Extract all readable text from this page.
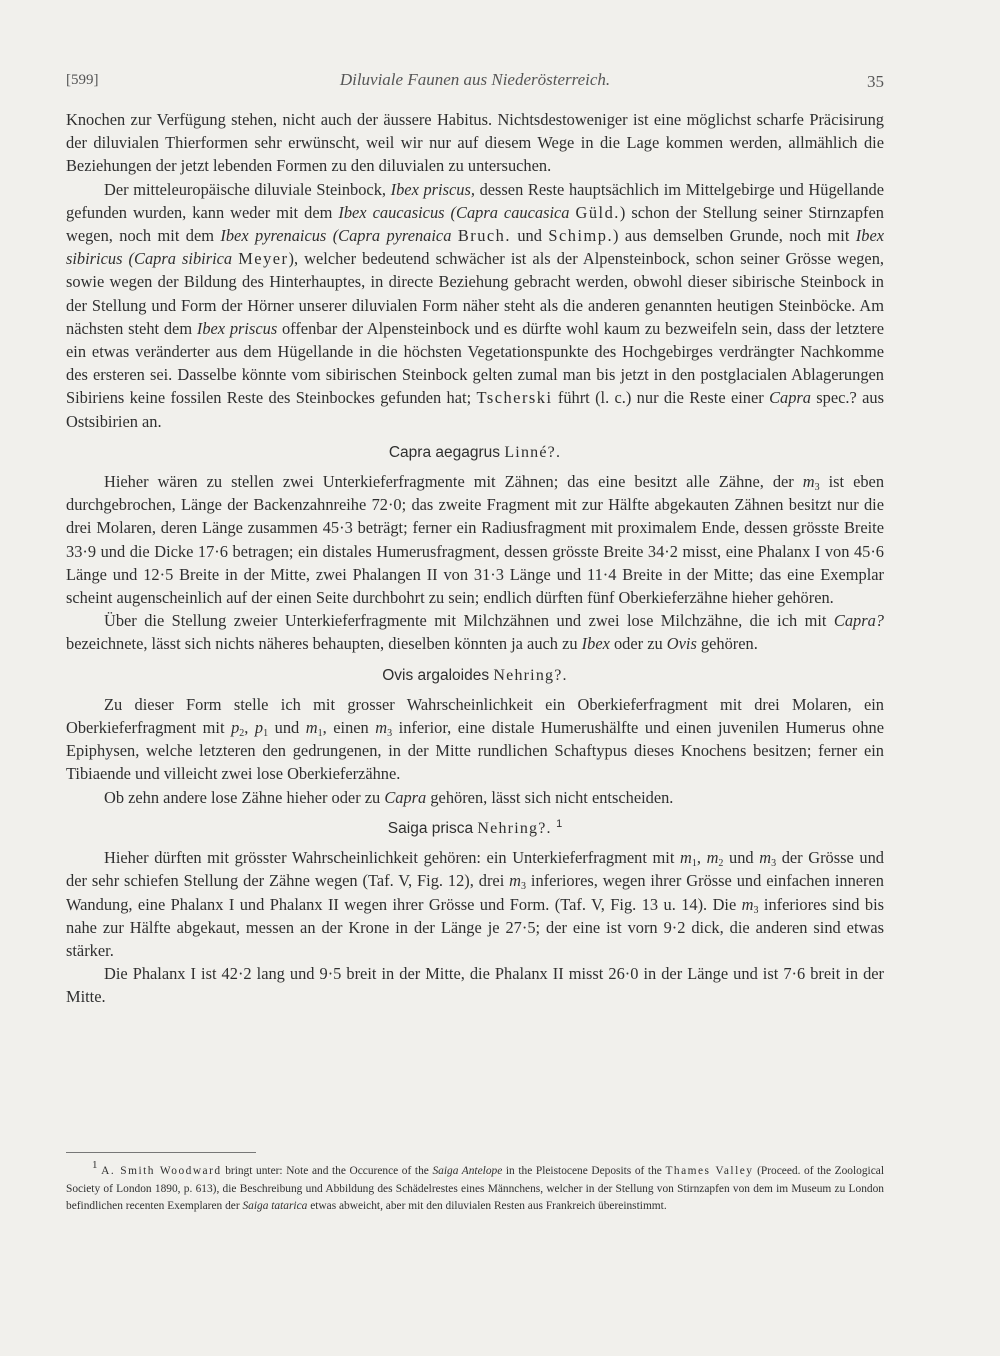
[599]	Diluviale Faunen aus Niederösterreich.	35

Knochen zur Verfügung stehen, nicht auch der äussere Habitus. Nichtsdestoweniger ist eine möglichst scharfe Präcisirung der diluvialen Thierformen sehr erwünscht, weil wir nur auf diesem Wege in die Lage kommen werden, allmählich die Beziehungen der jetzt lebenden Formen zu den diluvialen zu untersuchen.

Der mitteleuropäische diluviale Steinbock, Ibex priscus, dessen Reste hauptsächlich im Mittelgebirge und Hügellande gefunden wurden, kann weder mit dem Ibex caucasicus (Capra caucasica Güld.) schon der Stellung seiner Stirnzapfen wegen, noch mit dem Ibex pyrenaicus (Capra pyrenaica Bruch. und Schimp.) aus demselben Grunde, noch mit Ibex sibiricus (Capra sibirica Meyer), welcher bedeutend schwächer ist als der Alpensteinbock, schon seiner Grösse wegen, sowie wegen der Bildung des Hinterhauptes, in directe Beziehung gebracht werden, obwohl dieser sibirische Steinbock in der Stellung und Form der Hörner unserer diluvialen Form näher steht als die anderen genannten heutigen Steinböcke. Am nächsten steht dem Ibex priscus offenbar der Alpensteinbock und es dürfte wohl kaum zu bezweifeln sein, dass der letztere ein etwas veränderter aus dem Hügellande in die höchsten Vegetationspunkte des Hochgebirges verdrängter Nachkomme des ersteren sei. Dasselbe könnte vom sibirischen Steinbock gelten zumal man bis jetzt in den postglacialen Ablagerungen Sibiriens keine fossilen Reste des Steinbockes gefunden hat; Tscherski führt (l. c.) nur die Reste einer Capra spec.? aus Ostsibirien an.

Capra aegagrus Linné?.

Hieher wären zu stellen zwei Unterkieferfragmente mit Zähnen; das eine besitzt alle Zähne, der $m_3$ ist eben durchgebrochen, Länge der Backenzahnreihe 72·0; das zweite Fragment mit zur Hälfte abgekauten Zähnen besitzt nur die drei Molaren, deren Länge zusammen 45·3 beträgt; ferner ein Radiusfragment mit proximalem Ende, dessen grösste Breite 33·9 und die Dicke 17·6 betragen; ein distales Humerusfragment, dessen grösste Breite 34·2 misst, eine Phalanx I von 45·6 Länge und 12·5 Breite in der Mitte, zwei Phalangen II von 31·3 Länge und 11·4 Breite in der Mitte; das eine Exemplar scheint augenscheinlich auf der einen Seite durchbohrt zu sein; endlich dürften fünf Oberkieferzähne hieher gehören.

Über die Stellung zweier Unterkieferfragmente mit Milchzähnen und zwei lose Milchzähne, die ich mit Capra? bezeichnete, lässt sich nichts näheres behaupten, dieselben könnten ja auch zu Ibex oder zu Ovis gehören.

Ovis argaloides Nehring?.

Zu dieser Form stelle ich mit grosser Wahrscheinlichkeit ein Oberkieferfragment mit drei Molaren, ein Oberkieferfragment mit $p_2$, $p_1$ und $m_1$, einen $m_3$ inferior, eine distale Humerushälfte und einen juvenilen Humerus ohne Epiphysen, welche letzteren den gedrungenen, in der Mitte rundlichen Schaftypus dieses Knochens besitzen; ferner ein Tibiaende und villeicht zwei lose Oberkieferzähne.

Ob zehn andere lose Zähne hieher oder zu Capra gehören, lässt sich nicht entscheiden.

Saiga prisca Nehring?. $^1$

Hieher dürften mit grösster Wahrscheinlichkeit gehören: ein Unterkieferfragment mit $m_1$, $m_2$ und $m_3$ der Grösse und der sehr schiefen Stellung der Zähne wegen (Taf. V, Fig. 12), drei $m_3$ inferiores, wegen ihrer Grösse und einfachen inneren Wandung, eine Phalanx I und Phalanx II wegen ihrer Grösse und Form. (Taf. V, Fig. 13 u. 14). Die $m_3$ inferiores sind bis nahe zur Hälfte abgekaut, messen an der Krone in der Länge je 27·5; der eine ist vorn 9·2 dick, die anderen sind etwas stärker.

Die Phalanx I ist 42·2 lang und 9·5 breit in der Mitte, die Phalanx II misst 26·0 in der Länge und ist 7·6 breit in der Mitte.

1 A. Smith Woodward bringt unter: Note and the Occurence of the Saiga Antelope in the Pleistocene Deposits of the Thames Valley (Proceed. of the Zoological Society of London 1890, p. 613), die Beschreibung und Abbildung des Schädelrestes eines Männchens, welcher in der Stellung von Stirnzapfen von dem im Museum zu London befindlichen recenten Exemplaren der Saiga tatarica etwas abweicht, aber mit den diluvialen Resten aus Frankreich übereinstimmt.
